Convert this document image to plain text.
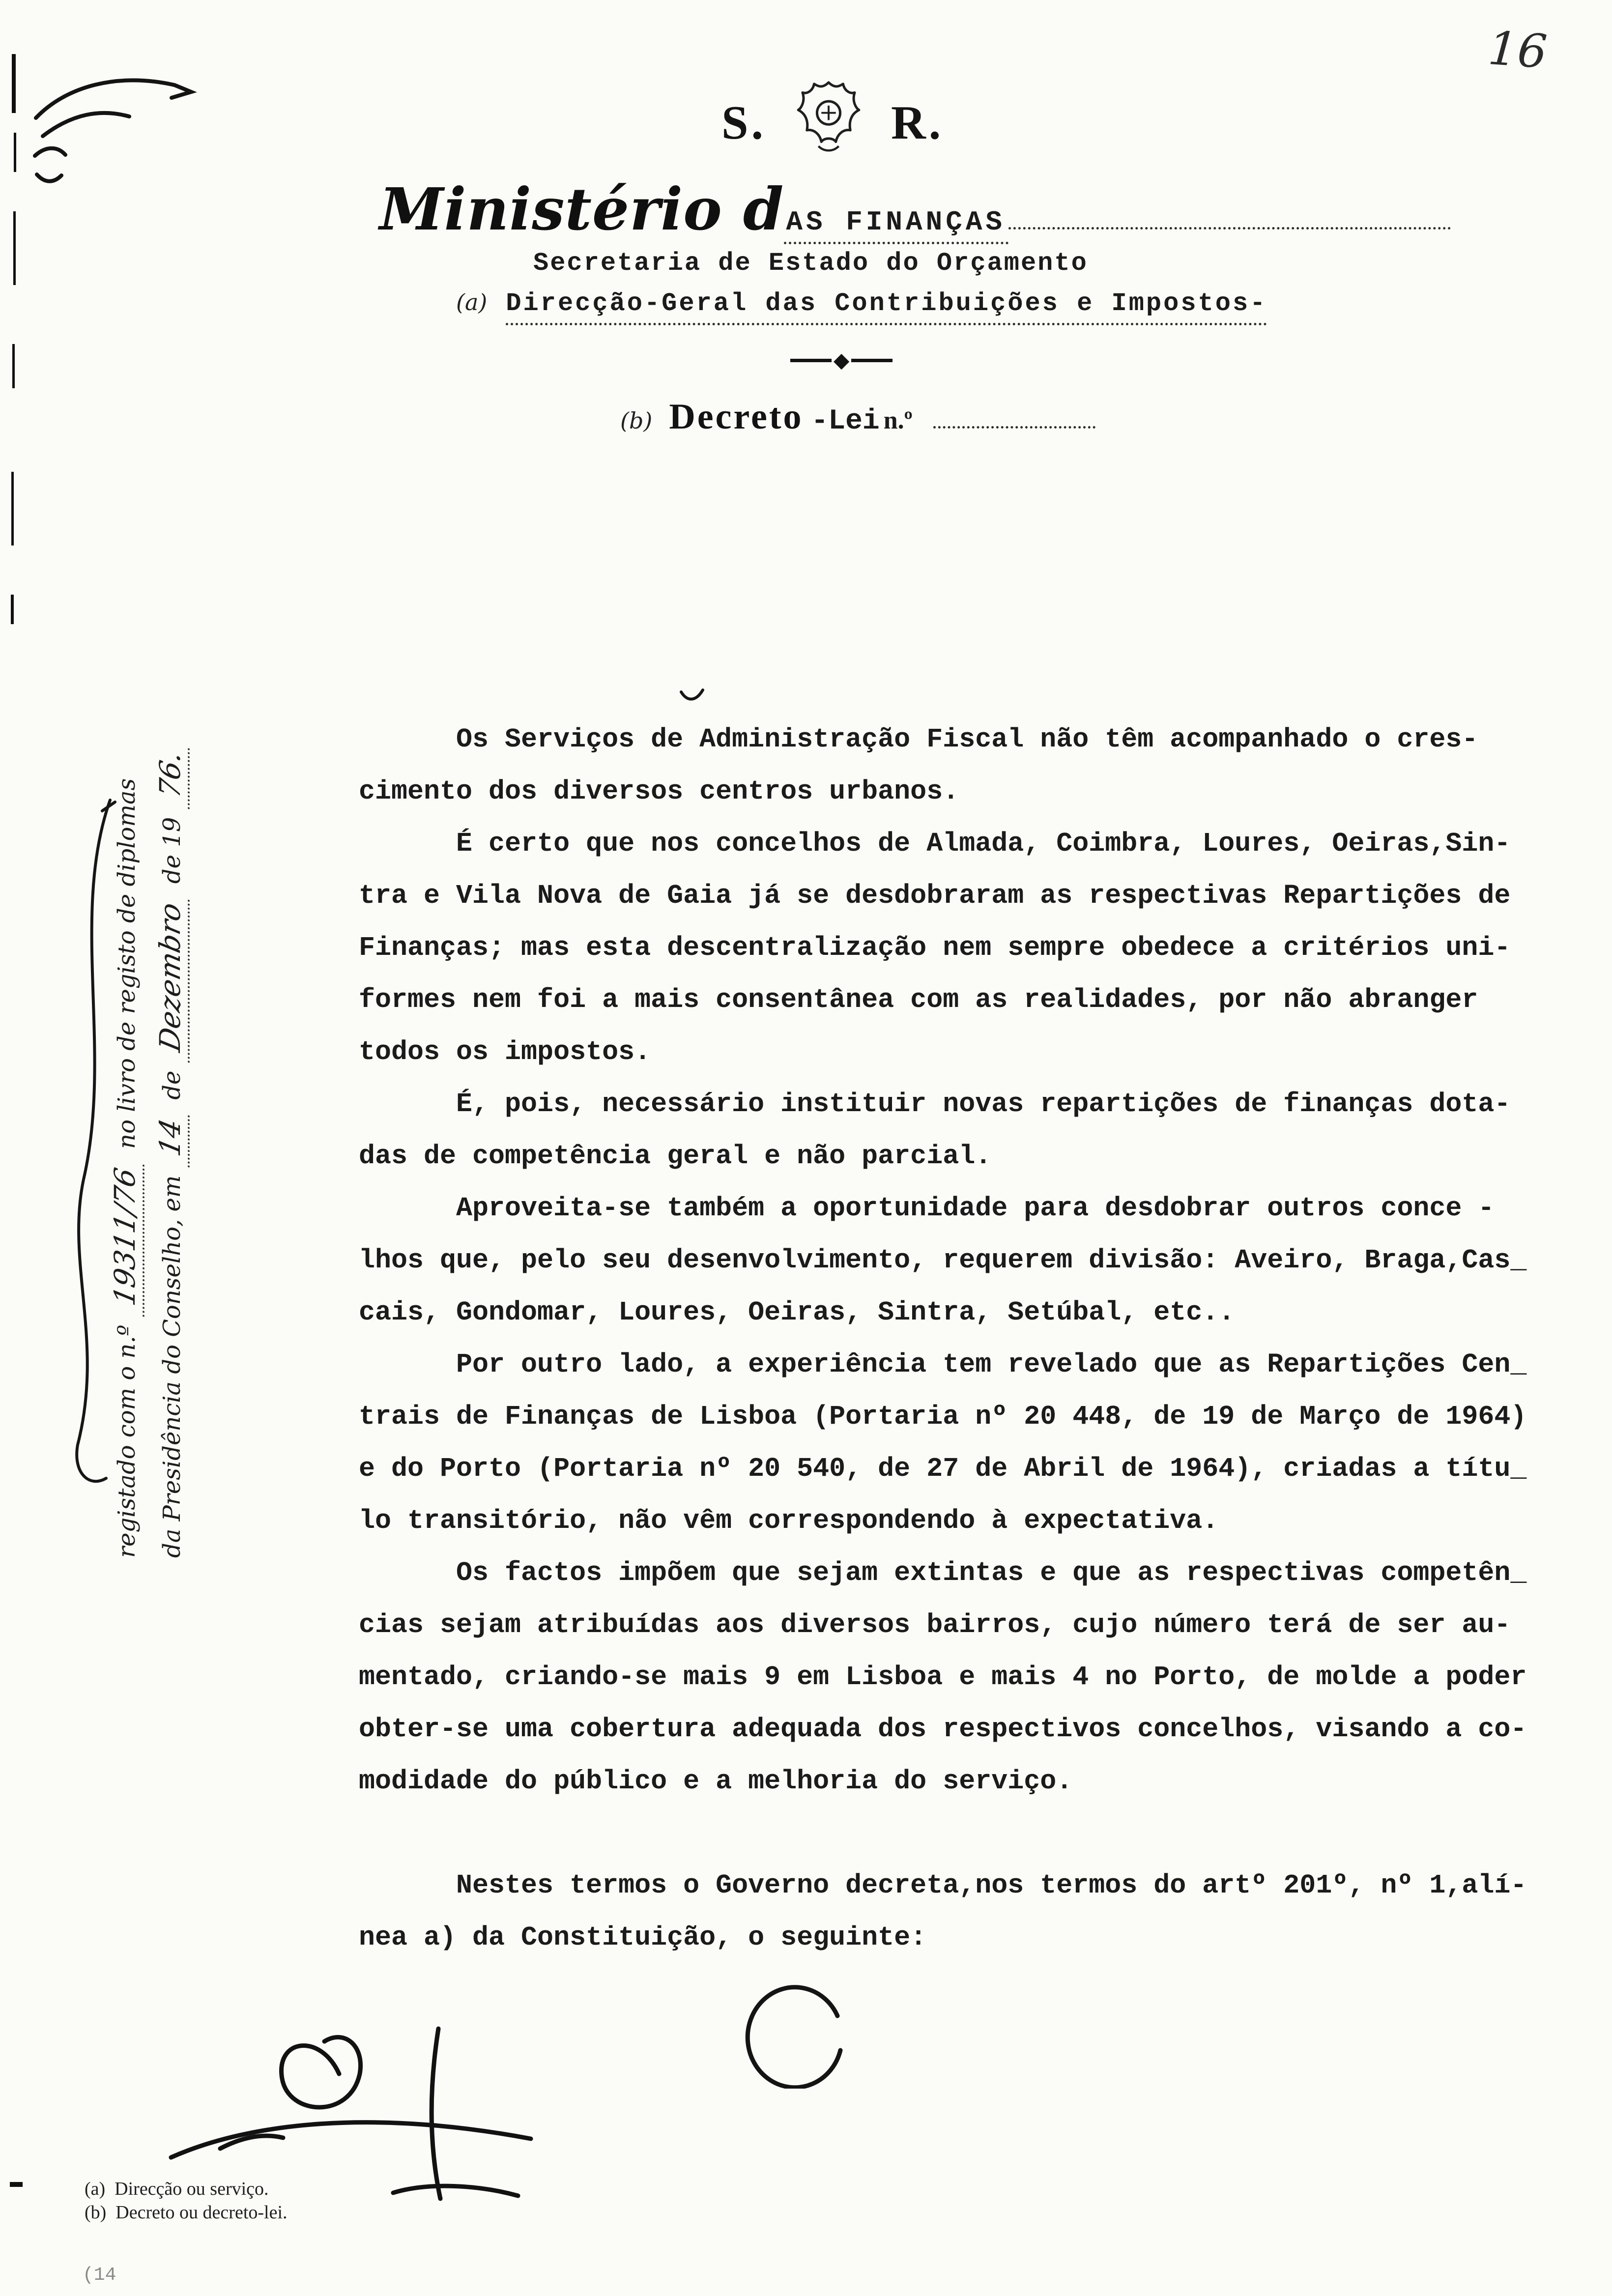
16
S.	R.
Ministério d AS FINANÇAS
Secretaria de Estado do Orçamento
(a) Direcção-Geral das Contribuições e Impostos-
◆
(b) Decreto -Lei n.º
registado com o n.º
19311/76
no livro de registo de diplomas
da Presidência do Conselho, em
14
de
Dezembro
de 19
76.
Os Serviços de Administração Fiscal não têm acompanhado o cres-
cimento dos diversos centros urbanos.
É certo que nos concelhos de Almada, Coimbra, Loures, Oeiras,Sin-
tra e Vila Nova de Gaia já se desdobraram as respectivas Repartições de
Finanças; mas esta descentralização nem sempre obedece a critérios uni-
formes nem foi a mais consentânea com as realidades, por não abranger
todos os impostos.
É, pois, necessário instituir novas repartições de finanças dota-
das de competência geral e não parcial.
Aproveita-se também a oportunidade para desdobrar outros conce -
lhos que, pelo seu desenvolvimento, requerem divisão: Aveiro, Braga,Cas_
cais, Gondomar, Loures, Oeiras, Sintra, Setúbal, etc..
Por outro lado, a experiência tem revelado que as Repartições Cen_
trais de Finanças de Lisboa (Portaria nº 20 448, de 19 de Março de 1964)
e do Porto (Portaria nº 20 540, de 27 de Abril de 1964), criadas a títu_
lo transitório, não vêm correspondendo à expectativa.
Os factos impõem que sejam extintas e que as respectivas competên_
cias sejam atribuídas aos diversos bairros, cujo número terá de ser au-
mentado, criando-se mais 9 em Lisboa e mais 4 no Porto, de molde a poder
obter-se uma cobertura adequada dos respectivos concelhos, visando a co-
modidade do público e a melhoria do serviço.
Nestes termos o Governo decreta,nos termos do artº 201º, nº 1,alí-
nea a) da Constituição, o seguinte:
(a)  Direcção ou serviço.
(b)  Decreto ou decreto-lei.
(14
